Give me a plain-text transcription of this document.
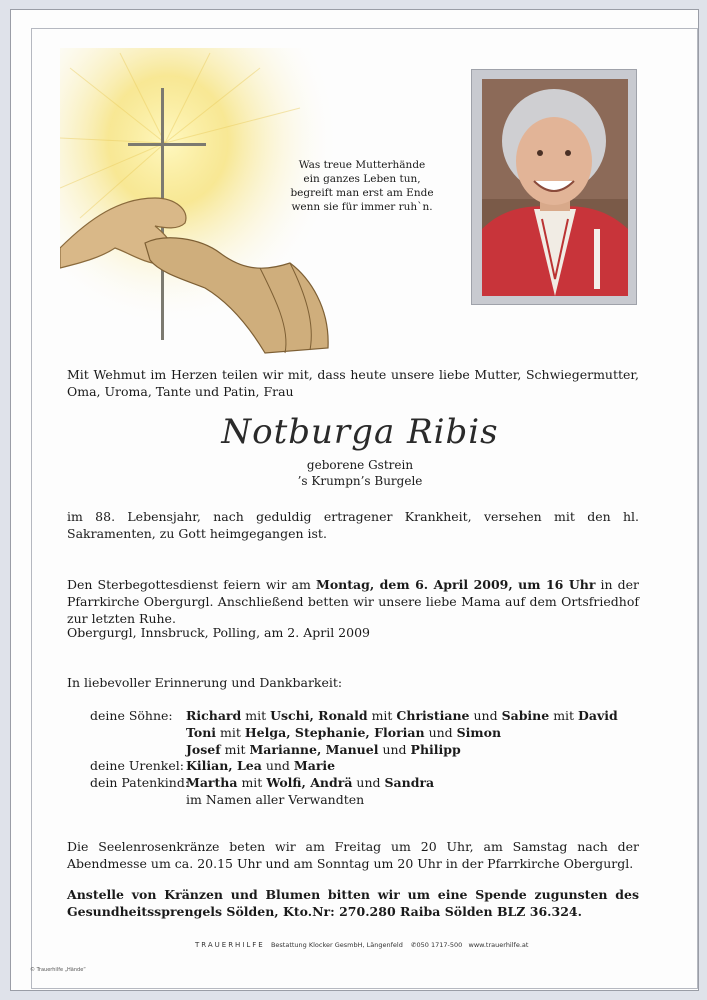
Was treue Mutterhände
ein ganzes Leben tun,
begreift man erst am Ende
wenn sie für immer ruh`n.
Mit Wehmut im Herzen teilen wir mit, dass heute unsere liebe Mutter, Schwiegermutter, Oma, Uroma, Tante und Patin, Frau
Notburga Ribis
geborene Gstrein
’s Krumpn’s Burgele
im 88. Lebensjahr, nach geduldig ertragener Krankheit, versehen mit den hl. Sakramenten, zu Gott heimgegangen ist.
Den Sterbegottesdienst feiern wir am Montag, dem 6. April 2009, um 16 Uhr in der Pfarrkirche Obergurgl. Anschließend betten wir unsere liebe Mama auf dem Ortsfriedhof zur letzten Ruhe.
Obergurgl, Innsbruck, Polling, am 2. April 2009
In liebevoller Erinnerung und Dankbarkeit:
deine Söhne:	Richard mit Uschi, Ronald mit Christiane und Sabine mit David
Toni mit Helga, Stephanie, Florian und Simon
Josef mit Marianne, Manuel und Philipp
deine Urenkel: Kilian, Lea und Marie
dein Patenkind:
Martha mit Wolfi, Andrä und Sandra
im Namen aller Verwandten
Die Seelenrosenkränze beten wir am Freitag um 20 Uhr, am Samstag nach der Abendmesse um ca. 20.15 Uhr und am Sonntag um 20 Uhr in der Pfarrkirche Obergurgl.
Anstelle von Kränzen und Blumen bitten wir um eine Spende zugunsten des Gesundheitssprengels Sölden, Kto.Nr: 270.280 Raiba Sölden BLZ 36.324.
TRAUERHILFE Bestattung Klocker GesmbH, Längenfeld ✆050 1717-500 www.trauerhilfe.at
© Trauerhilfe „Hände“
